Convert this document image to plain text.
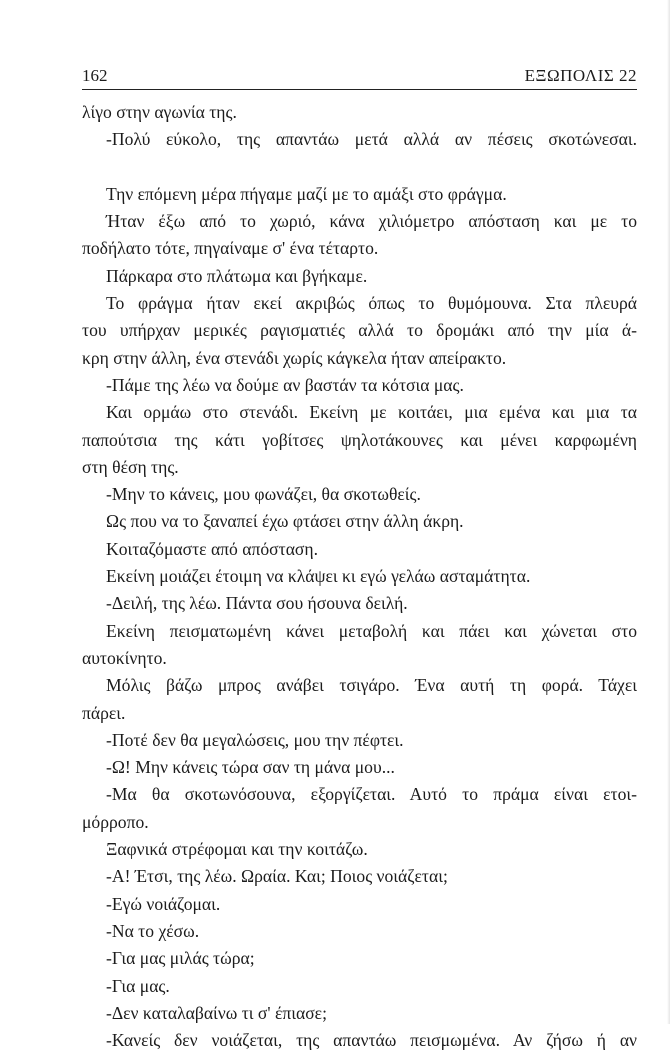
162	ΕΞΩΠΟΛΙΣ 22
λίγο στην αγωνία της.
-Πολύ εύκολο, της απαντάω μετά αλλά αν πέσεις σκοτώνεσαι.
Την επόμενη μέρα πήγαμε μαζί με το αμάξι στο φράγμα.
Ήταν έξω από το χωριό, κάνα χιλιόμετρο απόσταση και με το
ποδήλατο τότε, πηγαίναμε σ' ένα τέταρτο.
Πάρκαρα στο πλάτωμα και βγήκαμε.
Το φράγμα ήταν εκεί ακριβώς όπως το θυμόμουνα. Στα πλευρά
του υπήρχαν μερικές ραγισματιές αλλά το δρομάκι από την μία ά-
κρη στην άλλη, ένα στενάδι χωρίς κάγκελα ήταν απείρακτο.
-Πάμε της λέω να δούμε αν βαστάν τα κότσια μας.
Και ορμάω στο στενάδι. Εκείνη με κοιτάει, μια εμένα και μια τα
παπούτσια της κάτι γοβίτσες ψηλοτάκουνες και μένει καρφωμένη
στη θέση της.
-Μην το κάνεις, μου φωνάζει, θα σκοτωθείς.
Ως που να το ξαναπεί έχω φτάσει στην άλλη άκρη.
Κοιταζόμαστε από απόσταση.
Εκείνη μοιάζει έτοιμη να κλάψει κι εγώ γελάω ασταμάτητα.
-Δειλή, της λέω. Πάντα σου ήσουνα δειλή.
Εκείνη πεισματωμένη κάνει μεταβολή και πάει και χώνεται στο
αυτοκίνητο.
Μόλις βάζω μπρος ανάβει τσιγάρο. Ένα αυτή τη φορά. Τάχει
πάρει.
-Ποτέ δεν θα μεγαλώσεις, μου την πέφτει.
-Ω! Μην κάνεις τώρα σαν τη μάνα μου...
-Μα θα σκοτωνόσουνα, εξοργίζεται. Αυτό το πράμα είναι ετοι-
μόρροπο.
Ξαφνικά στρέφομαι και την κοιτάζω.
-Α! Έτσι, της λέω. Ωραία. Και; Ποιος νοιάζεται;
-Εγώ νοιάζομαι.
-Να το χέσω.
-Για μας μιλάς τώρα;
-Για μας.
-Δεν καταλαβαίνω τι σ' έπιασε;
-Κανείς δεν νοιάζεται, της απαντάω πεισμωμένα. Αν ζήσω ή αν
